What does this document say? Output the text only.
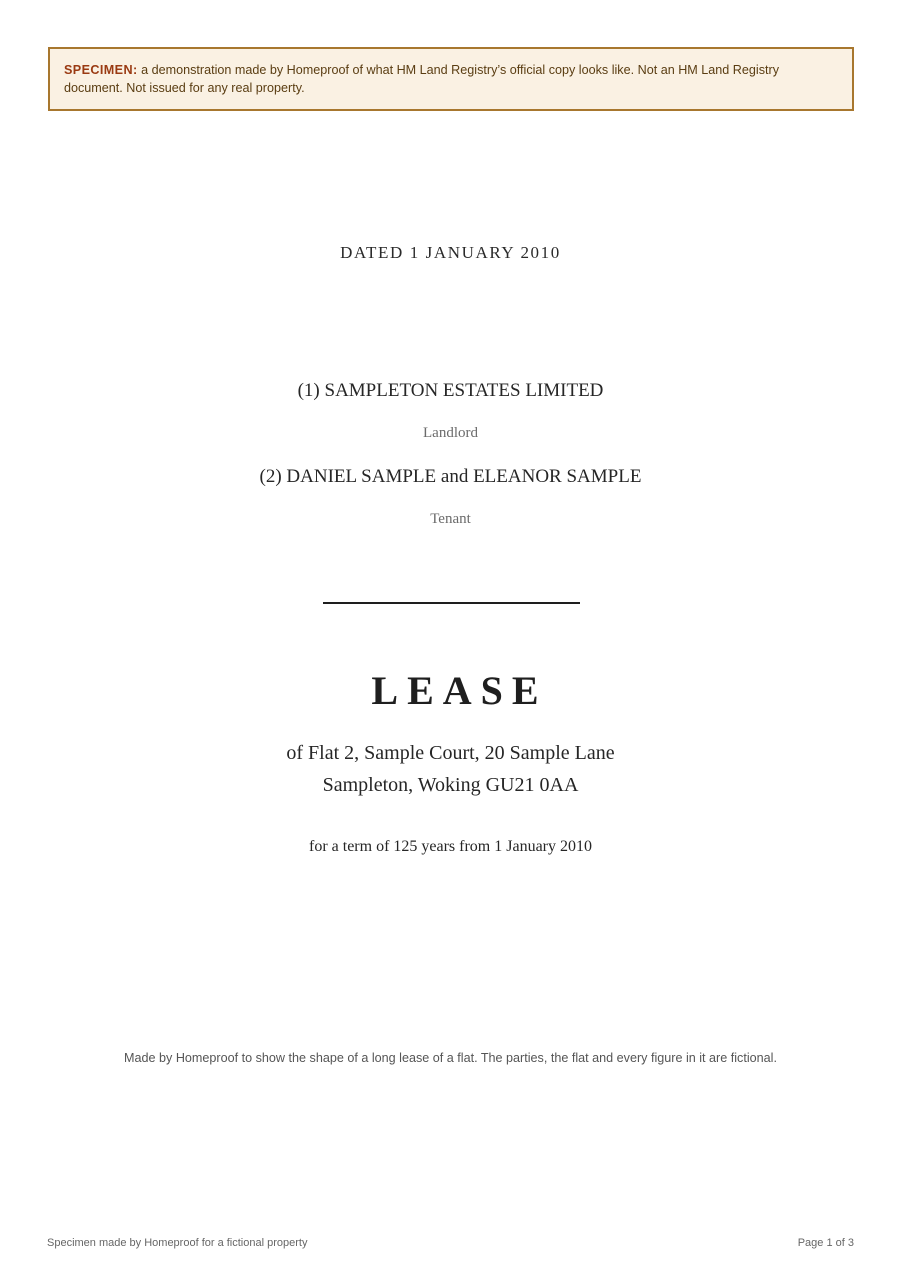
SPECIMEN: a demonstration made by Homeproof of what HM Land Registry’s official copy looks like. Not an HM Land Registry document. Not issued for any real property.
DATED 1 JANUARY 2010
(1) SAMPLETON ESTATES LIMITED
Landlord
(2) DANIEL SAMPLE and ELEANOR SAMPLE
Tenant
LEASE
of Flat 2, Sample Court, 20 Sample Lane
Sampleton, Woking GU21 0AA
for a term of 125 years from 1 January 2010
Made by Homeproof to show the shape of a long lease of a flat. The parties, the flat and every figure in it are fictional.
Specimen made by Homeproof for a fictional property	Page 1 of 3
